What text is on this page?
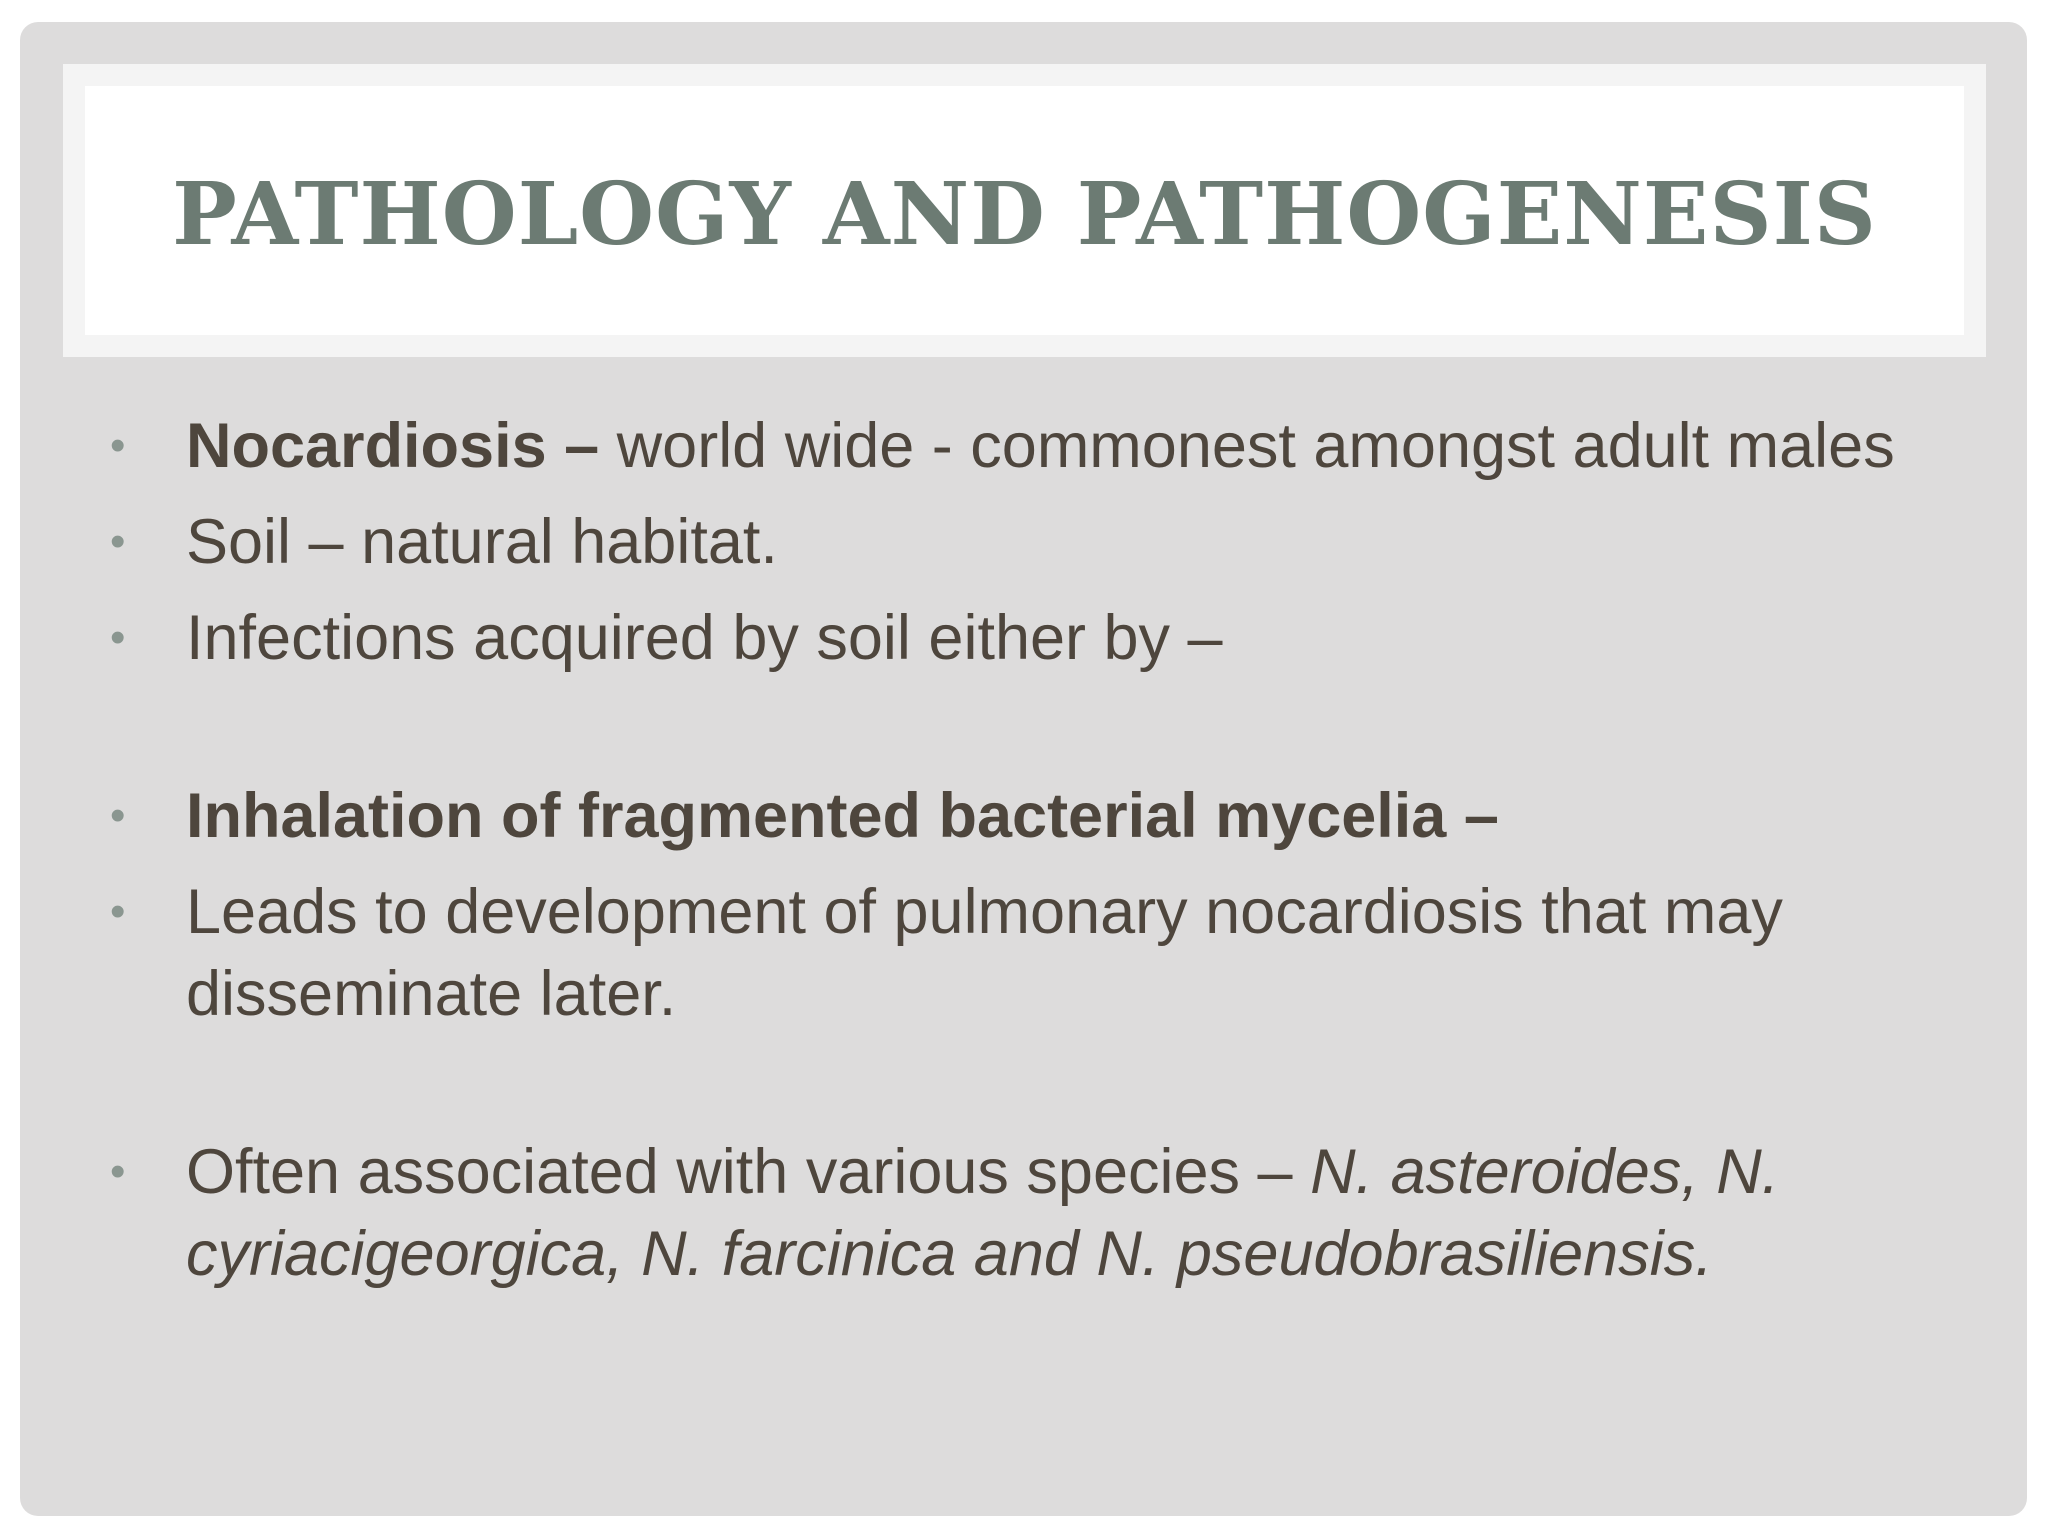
PATHOLOGY AND PATHOGENESIS

• Nocardiosis – world wide - commonest amongst adult males

• Soil – natural habitat.

• Infections acquired by soil either by –

• Inhalation of fragmented bacterial mycelia –

• Leads to development of pulmonary nocardiosis that may disseminate later.

• Often associated with various species – N. asteroides, N. cyriacigeorgica, N. farcinica and N. pseudobrasiliensis.
